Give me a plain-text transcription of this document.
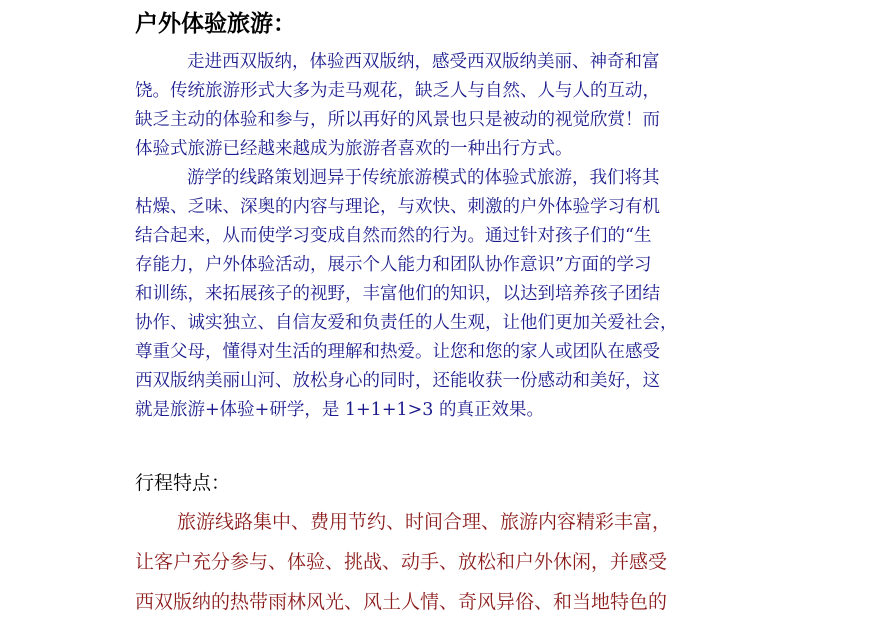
户外体验旅游：
走进西双版纳，体验西双版纳，感受西双版纳美丽、神奇和富
饶。传统旅游形式大多为走马观花，缺乏人与自然、人与人的互动，
缺乏主动的体验和参与，所以再好的风景也只是被动的视觉欣赏！而
体验式旅游已经越来越成为旅游者喜欢的一种出行方式。
游学的线路策划迥异于传统旅游模式的体验式旅游，我们将其
枯燥、乏味、深奥的内容与理论，与欢快、刺激的户外体验学习有机
结合起来，从而使学习变成自然而然的行为。通过针对孩子们的“生
存能力，户外体验活动，展示个人能力和团队协作意识”方面的学习
和训练，来拓展孩子的视野，丰富他们的知识，以达到培养孩子团结
协作、诚实独立、自信友爱和负责任的人生观，让他们更加关爱社会，
尊重父母，懂得对生活的理解和热爱。让您和您的家人或团队在感受
西双版纳美丽山河、放松身心的同时，还能收获一份感动和美好，这
就是旅游+体验+研学，是 1+1+1>3 的真正效果。
行程特点：
旅游线路集中、费用节约、时间合理、旅游内容精彩丰富，
让客户充分参与、体验、挑战、动手、放松和户外休闲，并感受
西双版纳的热带雨林风光、风土人情、奇风异俗、和当地特色的
